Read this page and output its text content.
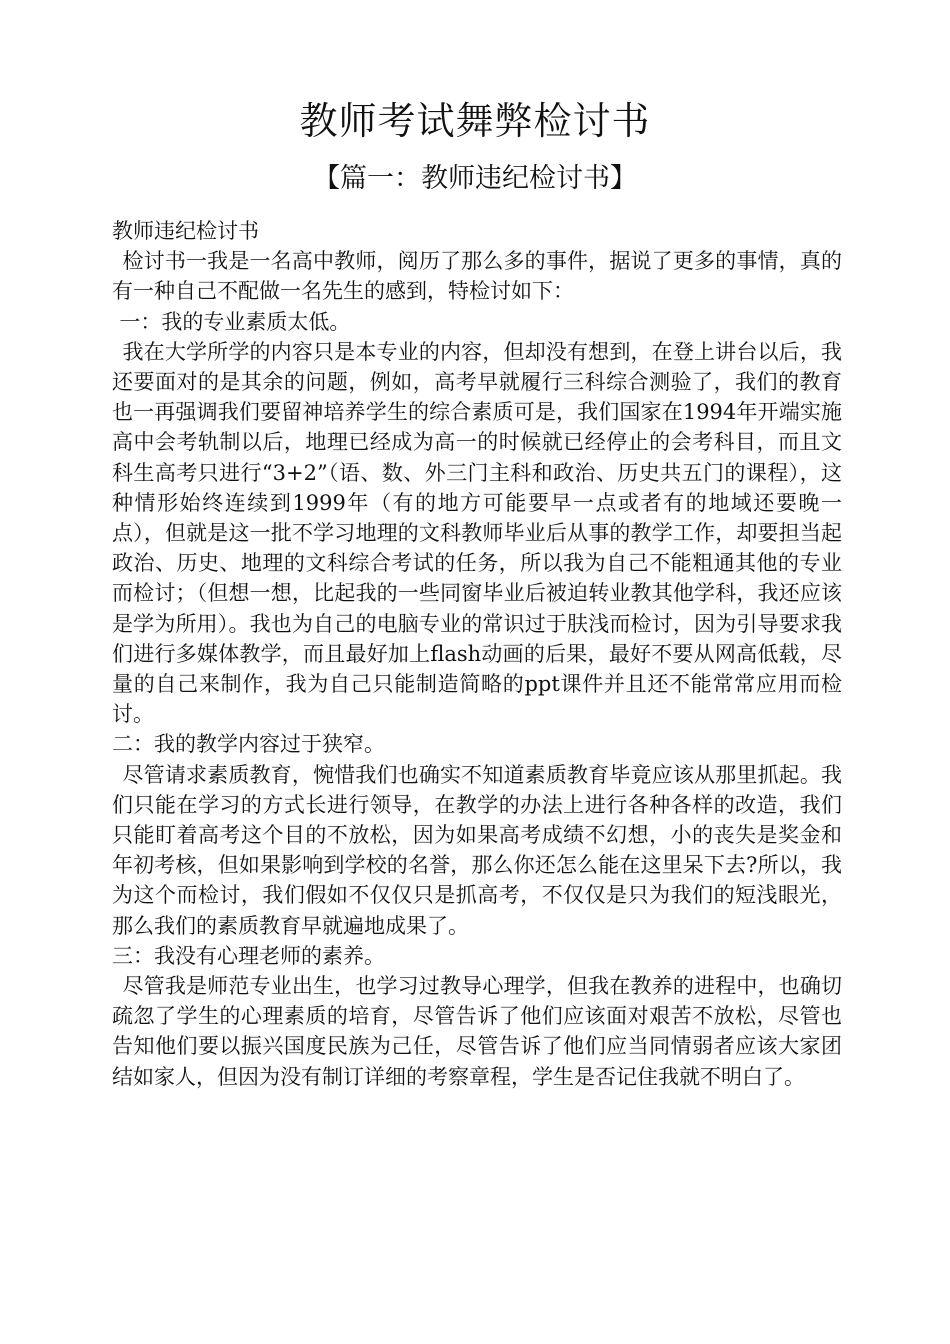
教师考试舞弊检讨书
【篇一：教师违纪检讨书】

教师违纪检讨书

检讨书一我是一名高中教师，阅历了那么多的事件，据说了更多的事情，真的有一种自己不配做一名先生的感到，特检讨如下：

一：我的专业素质太低。

我在大学所学的内容只是本专业的内容，但却没有想到，在登上讲台以后，我还要面对的是其余的问题，例如，高考早就履行三科综合测验了，我们的教育也一再强调我们要留神培养学生的综合素质可是，我们国家在1994年开端实施高中会考轨制以后，地理已经成为高一的时候就已经停止的会考科目，而且文科生高考只进行“3+2”（语、数、外三门主科和政治、历史共五门的课程），这种情形始终连续到1999年（有的地方可能要早一点或者有的地域还要晚一点），但就是这一批不学习地理的文科教师毕业后从事的教学工作，却要担当起政治、历史、地理的文科综合考试的任务，所以我为自己不能粗通其他的专业而检讨；（但想一想，比起我的一些同窗毕业后被迫转业教其他学科，我还应该是学为所用）。我也为自己的电脑专业的常识过于肤浅而检讨，因为引导要求我们进行多媒体教学，而且最好加上flash动画的后果，最好不要从网高低载，尽量的自己来制作，我为自己只能制造简略的ppt课件并且还不能常常应用而检讨。

二：我的教学内容过于狭窄。

尽管请求素质教育，惋惜我们也确实不知道素质教育毕竟应该从那里抓起。我们只能在学习的方式长进行领导，在教学的办法上进行各种各样的改造，我们只能盯着高考这个目的不放松，因为如果高考成绩不幻想，小的丧失是奖金和年初考核，但如果影响到学校的名誉，那么你还怎么能在这里呆下去?所以，我为这个而检讨，我们假如不仅仅只是抓高考，不仅仅是只为我们的短浅眼光，那么我们的素质教育早就遍地成果了。

三：我没有心理老师的素养。

尽管我是师范专业出生，也学习过教导心理学，但我在教养的进程中，也确切疏忽了学生的心理素质的培育，尽管告诉了他们应该面对艰苦不放松，尽管也告知他们要以振兴国度民族为己任，尽管告诉了他们应当同情弱者应该大家团结如家人，但因为没有制订详细的考察章程，学生是否记住我就不明白了。
